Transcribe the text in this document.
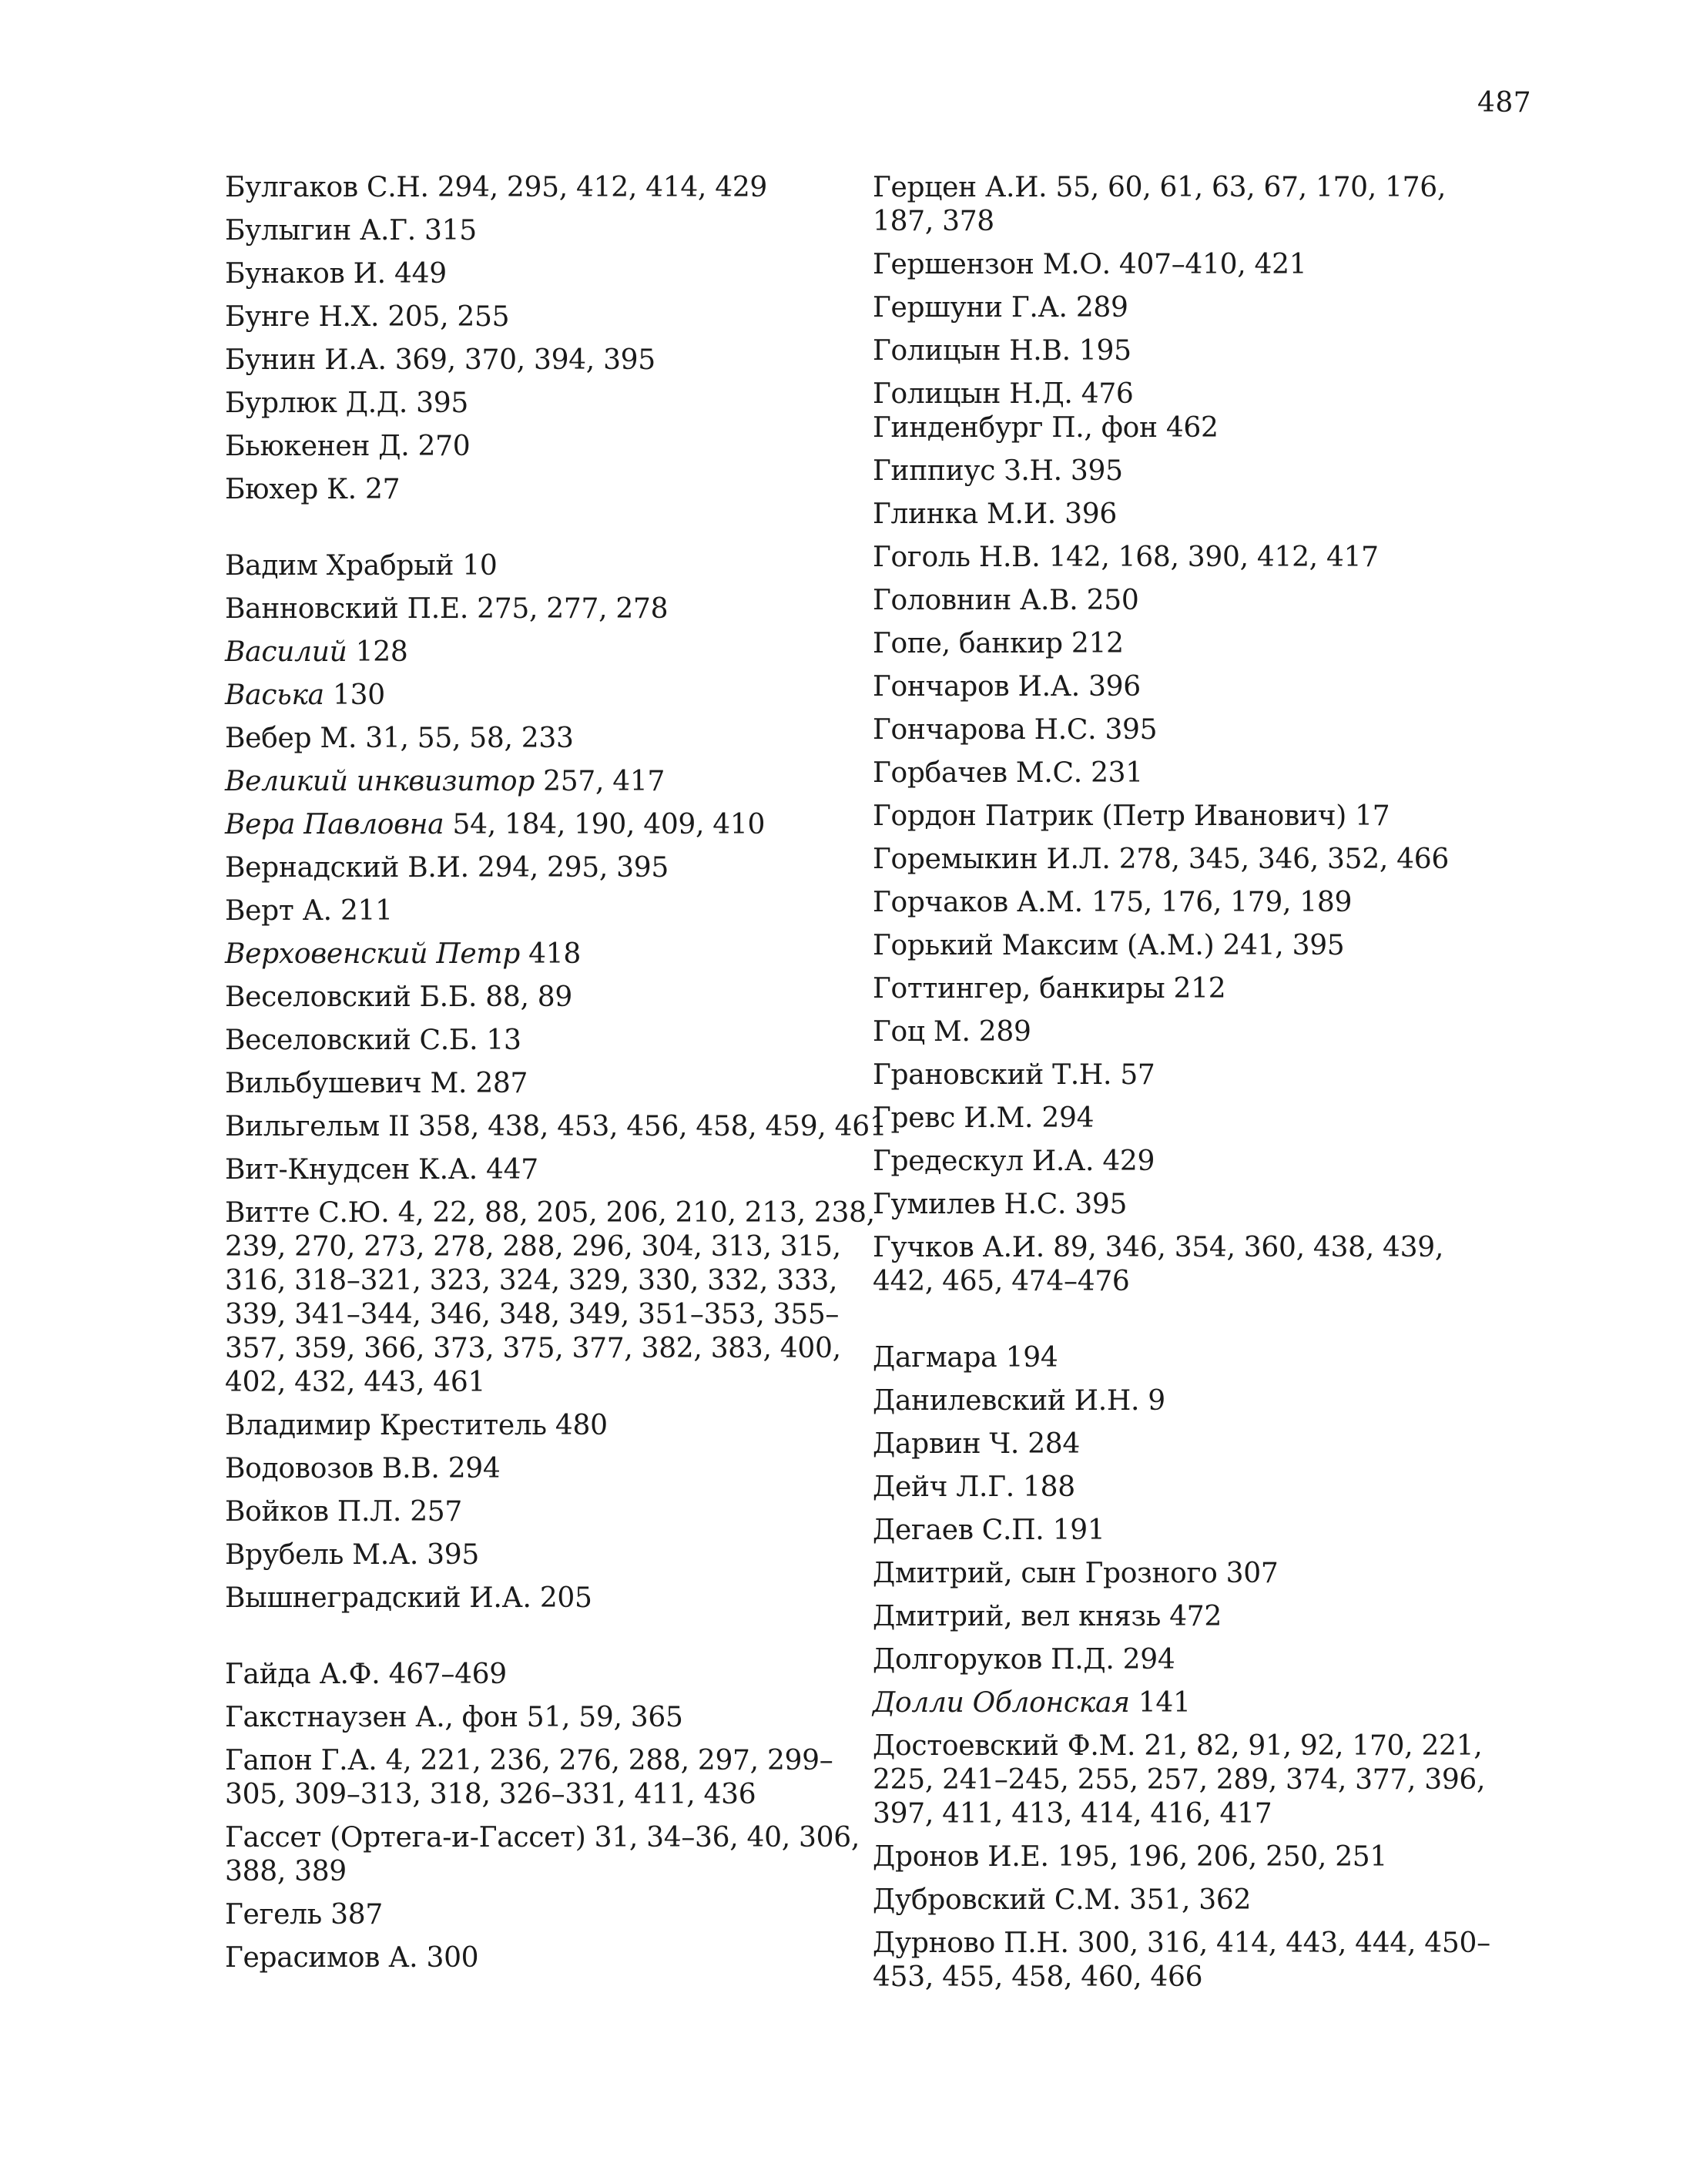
487
Булгаков С.Н. 294, 295, 412, 414, 429
Булыгин А.Г. 315
Бунаков И. 449
Бунге Н.Х. 205, 255
Бунин И.А. 369, 370, 394, 395
Бурлюк Д.Д. 395
Бьюкенен Д. 270
Бюхер К. 27
Вадим Храбрый 10
Ванновский П.Е. 275, 277, 278
Василий 128
Васька 130
Вебер М. 31, 55, 58, 233
Великий инквизитор 257, 417
Вера Павловна 54, 184, 190, 409, 410
Вернадский В.И. 294, 295, 395
Верт А. 211
Верховенский Петр 418
Веселовский Б.Б. 88, 89
Веселовский С.Б. 13
Вильбушевич М. 287
Вильгельм II 358, 438, 453, 456, 458, 459, 461
Вит-Кнудсен К.А. 447
Витте С.Ю. 4, 22, 88, 205, 206, 210, 213, 238, 239, 270, 273, 278, 288, 296, 304, 313, 315, 316, 318–321, 323, 324, 329, 330, 332, 333, 339, 341–344, 346, 348, 349, 351–353, 355–357, 359, 366, 373, 375, 377, 382, 383, 400, 402, 432, 443, 461
Владимир Креститель 480
Водовозов В.В. 294
Войков П.Л. 257
Врубель М.А. 395
Вышнеградский И.А. 205
Гайда А.Ф. 467–469
Гакстнаузен А., фон 51, 59, 365
Гапон Г.А. 4, 221, 236, 276, 288, 297, 299–305, 309–313, 318, 326–331, 411, 436
Гассет (Ортега-и-Гассет) 31, 34–36, 40, 306, 388, 389
Гегель 387
Герасимов А. 300
Герцен А.И. 55, 60, 61, 63, 67, 170, 176, 187, 378
Гершензон М.О. 407–410, 421
Гершуни Г.А. 289
Голицын Н.В. 195
Голицын Н.Д. 476
Гинденбург П., фон 462
Гиппиус З.Н. 395
Глинка М.И. 396
Гоголь Н.В. 142, 168, 390, 412, 417
Головнин А.В. 250
Гопе, банкир 212
Гончаров И.А. 396
Гончарова Н.С. 395
Горбачев М.С. 231
Гордон Патрик (Петр Иванович) 17
Горемыкин И.Л. 278, 345, 346, 352, 466
Горчаков А.М. 175, 176, 179, 189
Горький Максим (А.М.) 241, 395
Готтингер, банкиры 212
Гоц М. 289
Грановский Т.Н. 57
Гревс И.М. 294
Гредескул И.А. 429
Гумилев Н.С. 395
Гучков А.И. 89, 346, 354, 360, 438, 439, 442, 465, 474–476
Дагмара 194
Данилевский И.Н. 9
Дарвин Ч. 284
Дейч Л.Г. 188
Дегаев С.П. 191
Дмитрий, сын Грозного 307
Дмитрий, вел князь 472
Долгоруков П.Д. 294
Долли Облонская 141
Достоевский Ф.М. 21, 82, 91, 92, 170, 221, 225, 241–245, 255, 257, 289, 374, 377, 396, 397, 411, 413, 414, 416, 417
Дронов И.Е. 195, 196, 206, 250, 251
Дубровский С.М. 351, 362
Дурново П.Н. 300, 316, 414, 443, 444, 450–453, 455, 458, 460, 466
